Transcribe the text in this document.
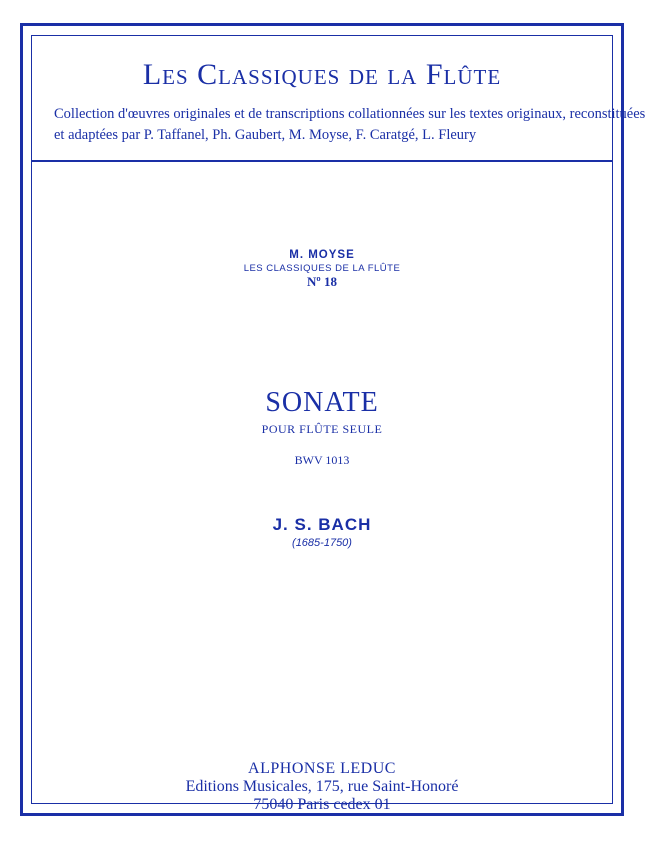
Les Classiques de la Flûte
Collection d'œuvres originales et de transcriptions collationnées sur les textes originaux, reconstituées
et adaptées par P. Taffanel, Ph. Gaubert, M. Moyse, F. Caratgé, L. Fleury
M. MOYSE
LES CLASSIQUES DE LA FLÛTE
Nº 18
SONATE
POUR FLÛTE SEULE
BWV 1013
J. S. BACH
(1685-1750)
ALPHONSE LEDUC
Editions Musicales, 175, rue Saint-Honoré
75040 Paris cedex 01
